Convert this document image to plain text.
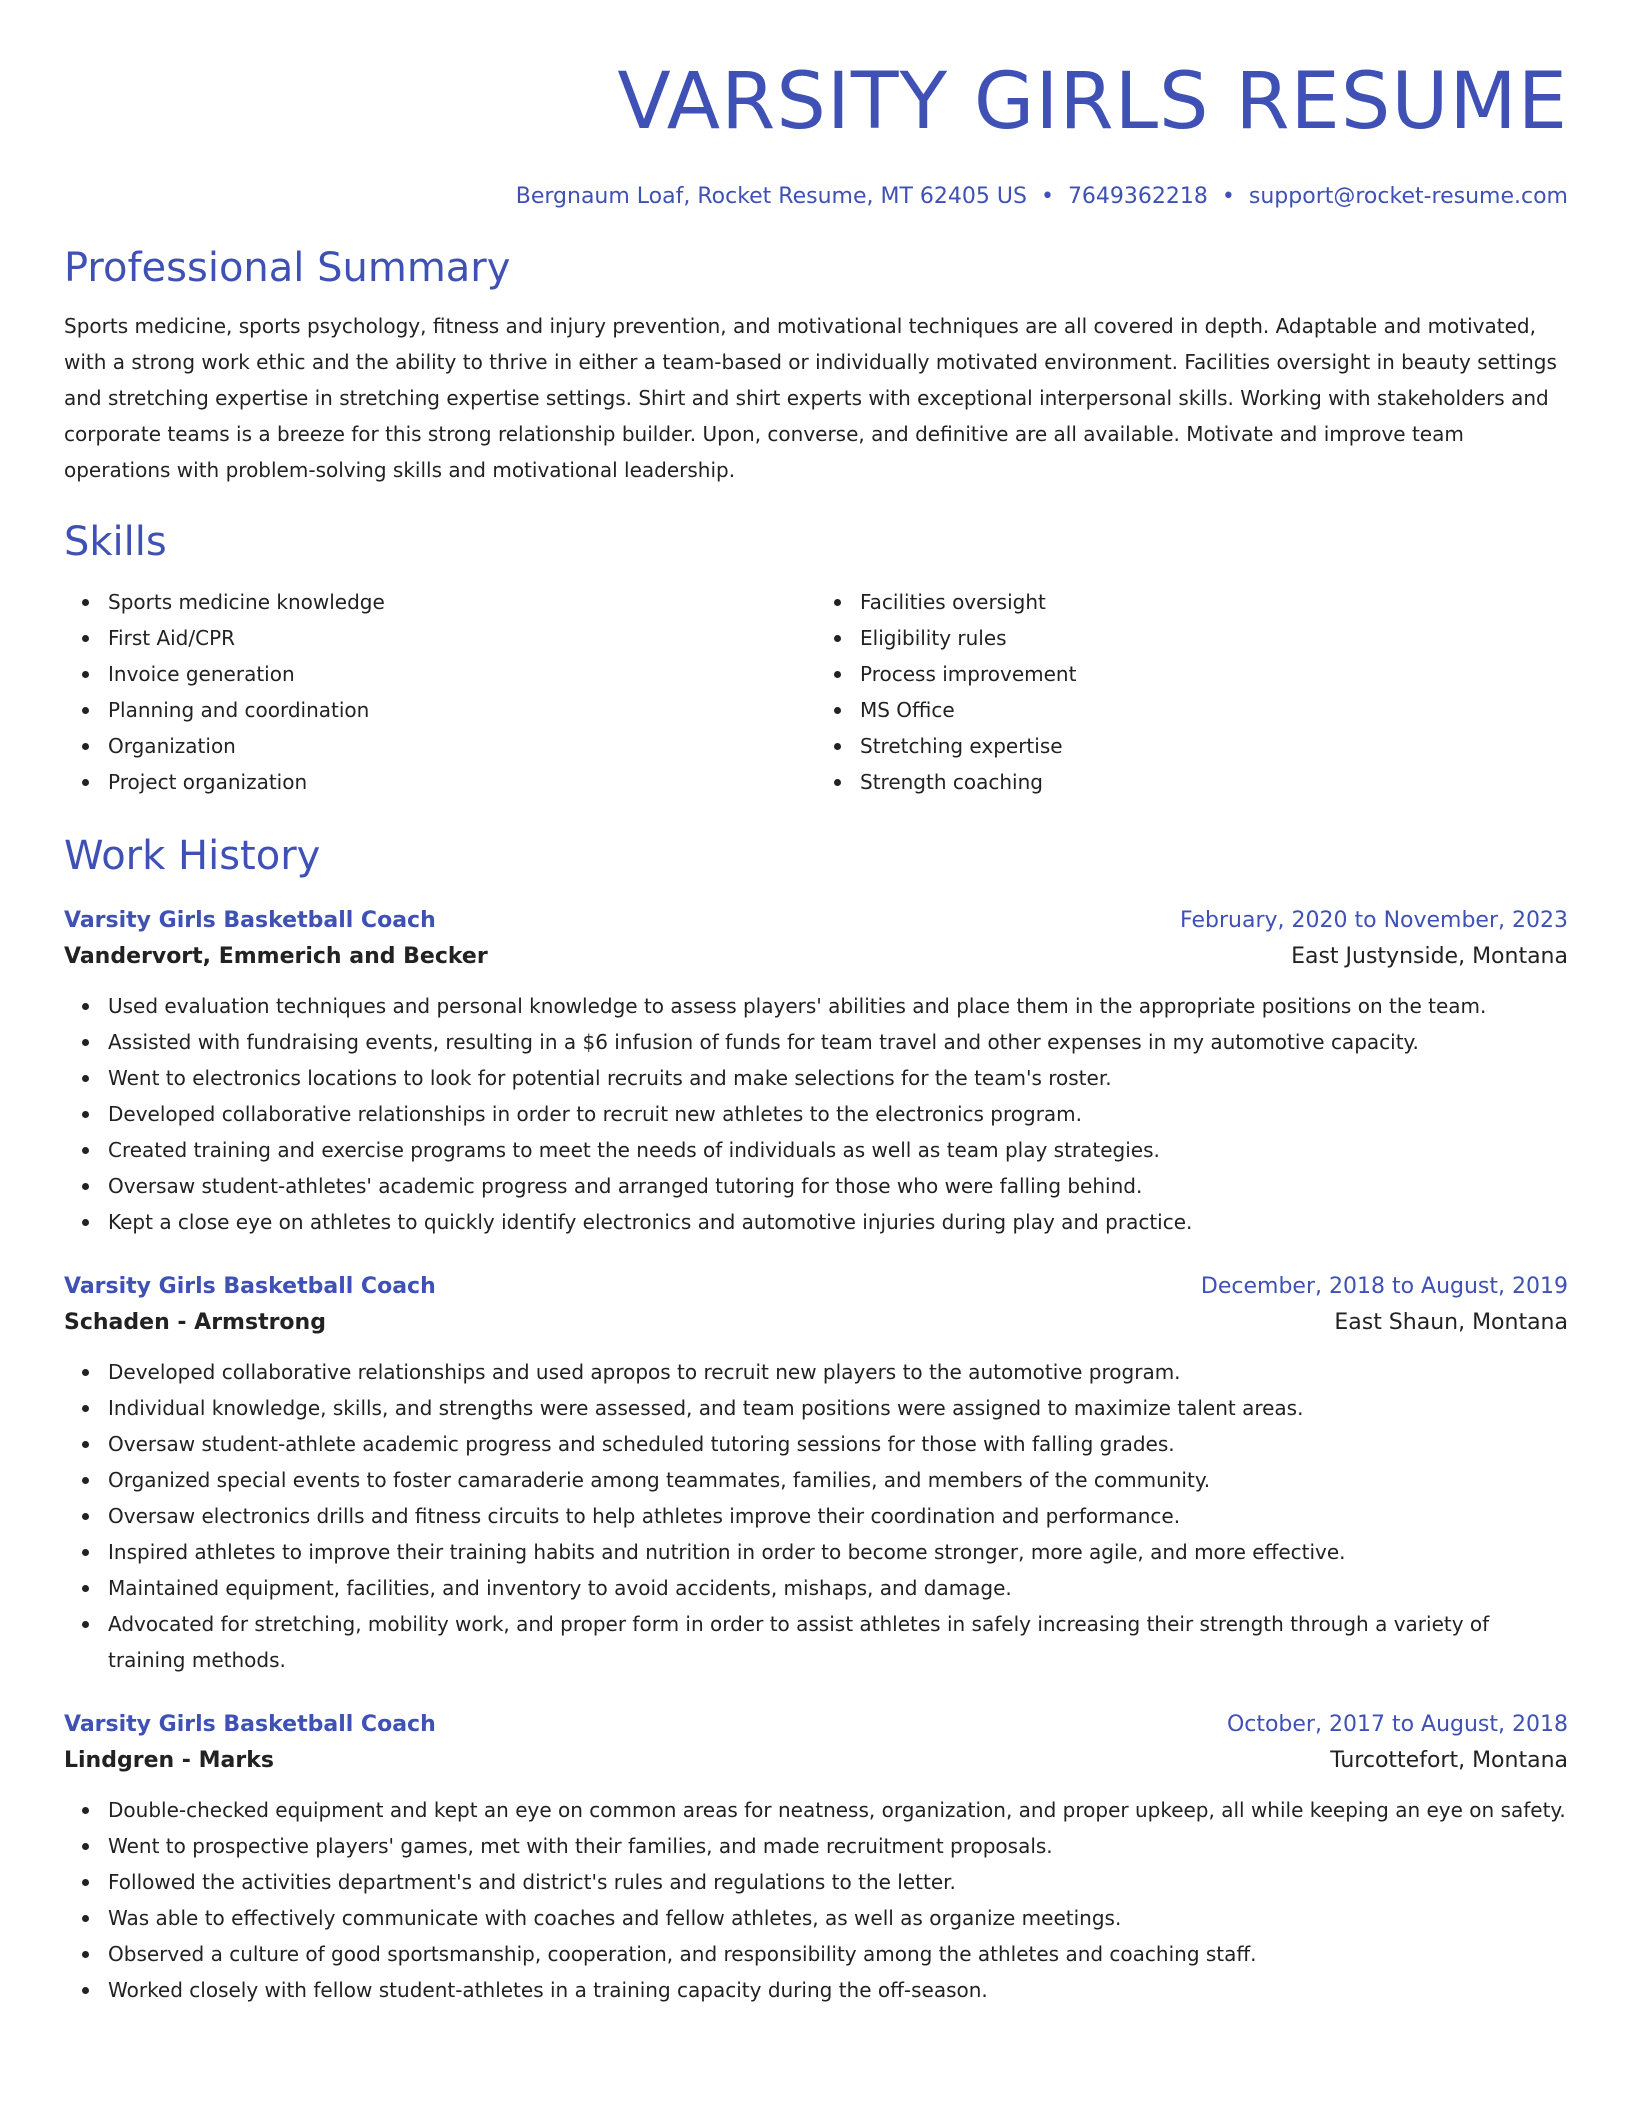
VARSITY GIRLS RESUME
Bergnaum Loaf, Rocket Resume, MT 62405 US • 7649362218 • support@rocket-resume.com
Professional Summary
Sports medicine, sports psychology, fitness and injury prevention, and motivational techniques are all covered in depth. Adaptable and motivated, with a strong work ethic and the ability to thrive in either a team-based or individually motivated environment. Facilities oversight in beauty settings and stretching expertise in stretching expertise settings. Shirt and shirt experts with exceptional interpersonal skills. Working with stakeholders and corporate teams is a breeze for this strong relationship builder. Upon, converse, and definitive are all available. Motivate and improve team operations with problem-solving skills and motivational leadership.
Skills
Sports medicine knowledge
First Aid/CPR
Invoice generation
Planning and coordination
Organization
Project organization
Facilities oversight
Eligibility rules
Process improvement
MS Office
Stretching expertise
Strength coaching
Work History
Varsity Girls Basketball Coach	February, 2020 to November, 2023
Vandervort, Emmerich and Becker	East Justynside, Montana
Used evaluation techniques and personal knowledge to assess players' abilities and place them in the appropriate positions on the team.
Assisted with fundraising events, resulting in a $6 infusion of funds for team travel and other expenses in my automotive capacity.
Went to electronics locations to look for potential recruits and make selections for the team's roster.
Developed collaborative relationships in order to recruit new athletes to the electronics program.
Created training and exercise programs to meet the needs of individuals as well as team play strategies.
Oversaw student-athletes' academic progress and arranged tutoring for those who were falling behind.
Kept a close eye on athletes to quickly identify electronics and automotive injuries during play and practice.
Varsity Girls Basketball Coach	December, 2018 to August, 2019
Schaden - Armstrong	East Shaun, Montana
Developed collaborative relationships and used apropos to recruit new players to the automotive program.
Individual knowledge, skills, and strengths were assessed, and team positions were assigned to maximize talent areas.
Oversaw student-athlete academic progress and scheduled tutoring sessions for those with falling grades.
Organized special events to foster camaraderie among teammates, families, and members of the community.
Oversaw electronics drills and fitness circuits to help athletes improve their coordination and performance.
Inspired athletes to improve their training habits and nutrition in order to become stronger, more agile, and more effective.
Maintained equipment, facilities, and inventory to avoid accidents, mishaps, and damage.
Advocated for stretching, mobility work, and proper form in order to assist athletes in safely increasing their strength through a variety of training methods.
Varsity Girls Basketball Coach	October, 2017 to August, 2018
Lindgren - Marks	Turcottefort, Montana
Double-checked equipment and kept an eye on common areas for neatness, organization, and proper upkeep, all while keeping an eye on safety.
Went to prospective players' games, met with their families, and made recruitment proposals.
Followed the activities department's and district's rules and regulations to the letter.
Was able to effectively communicate with coaches and fellow athletes, as well as organize meetings.
Observed a culture of good sportsmanship, cooperation, and responsibility among the athletes and coaching staff.
Worked closely with fellow student-athletes in a training capacity during the off-season.
